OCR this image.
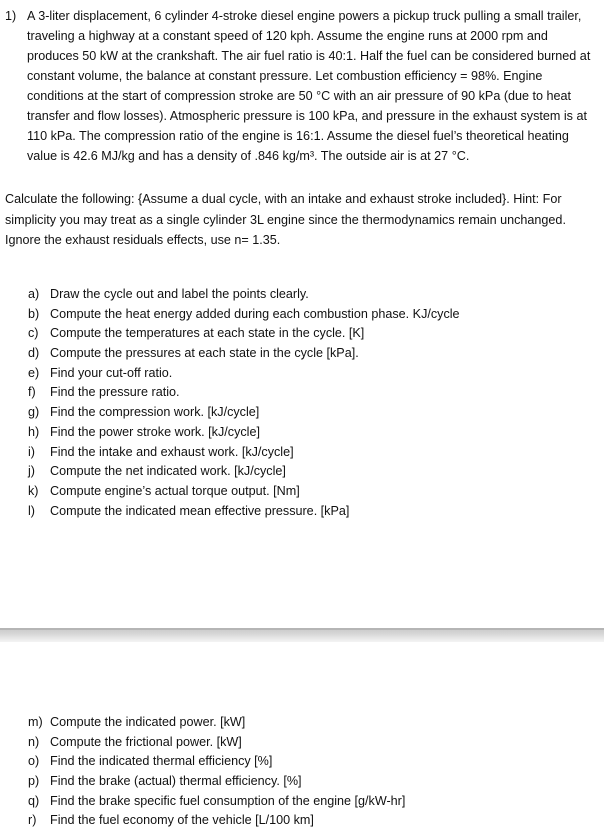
1) A 3-liter displacement, 6 cylinder 4-stroke diesel engine powers a pickup truck pulling a small trailer, traveling a highway at a constant speed of 120 kph. Assume the engine runs at 2000 rpm and produces 50 kW at the crankshaft. The air fuel ratio is 40:1. Half the fuel can be considered burned at constant volume, the balance at constant pressure. Let combustion efficiency = 98%. Engine conditions at the start of compression stroke are 50 °C with an air pressure of 90 kPa (due to heat transfer and flow losses). Atmospheric pressure is 100 kPa, and pressure in the exhaust system is at 110 kPa. The compression ratio of the engine is 16:1. Assume the diesel fuel’s theoretical heating value is 42.6 MJ/kg and has a density of .846 kg/m³. The outside air is at 27 °C.
Calculate the following: {Assume a dual cycle, with an intake and exhaust stroke included}. Hint: For simplicity you may treat as a single cylinder 3L engine since the thermodynamics remain unchanged. Ignore the exhaust residuals effects, use n= 1.35.
a) Draw the cycle out and label the points clearly.
b) Compute the heat energy added during each combustion phase. KJ/cycle
c) Compute the temperatures at each state in the cycle. [K]
d) Compute the pressures at each state in the cycle [kPa].
e) Find your cut-off ratio.
f) Find the pressure ratio.
g) Find the compression work. [kJ/cycle]
h) Find the power stroke work. [kJ/cycle]
i) Find the intake and exhaust work. [kJ/cycle]
j) Compute the net indicated work. [kJ/cycle]
k) Compute engine’s actual torque output. [Nm]
l) Compute the indicated mean effective pressure. [kPa]
m) Compute the indicated power. [kW]
n) Compute the frictional power. [kW]
o) Find the indicated thermal efficiency [%]
p) Find the brake (actual) thermal efficiency. [%]
q) Find the brake specific fuel consumption of the engine [g/kW-hr]
r) Find the fuel economy of the vehicle [L/100 km]
